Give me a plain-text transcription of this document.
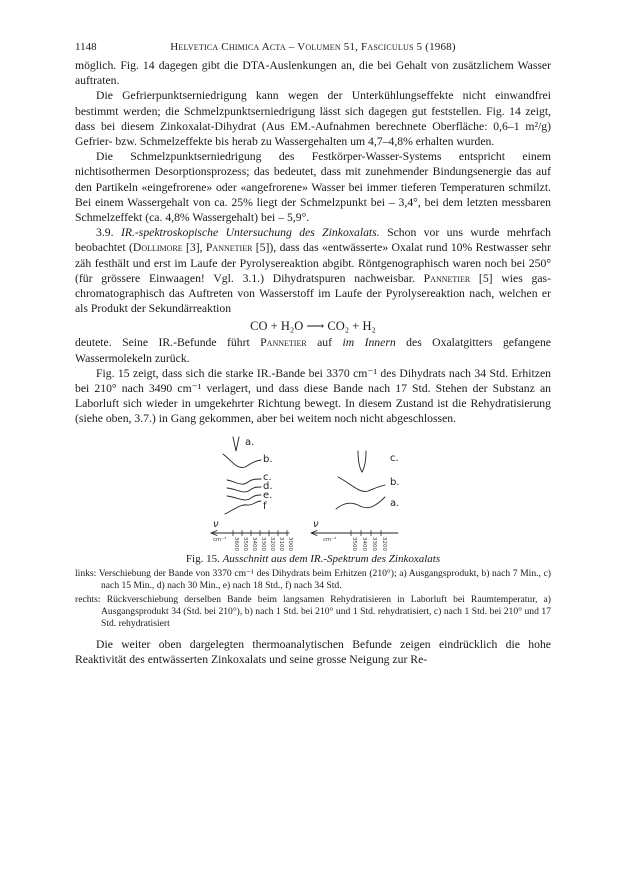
1148	Helvetica Chimica Acta – Volumen 51, Fasciculus 5 (1968)

möglich. Fig. 14 dagegen gibt die DTA-Auslenkungen an, die bei Gehalt von zusätzlichem Wasser auftraten.

Die Gefrierpunktserniedrigung kann wegen der Unterkühlungseffekte nicht einwandfrei bestimmt werden; die Schmelzpunktserniedrigung lässt sich dagegen gut feststellen. Fig. 14 zeigt, dass bei diesem Zinkoxalat-Dihydrat (Aus EM.-Aufnahmen berechnete Oberfläche: 0,6–1 m²/g) Gefrier- bzw. Schmelzeffekte bis herab zu Wassergehalten um 4,7–4,8% erhalten wurden.

Die Schmelzpunktserniedrigung des Festkörper-Wasser-Systems entspricht einem nichtisothermen Desorptionsprozess; das bedeutet, dass mit zunehmender Bindungsenergie das auf den Partikeln «eingefrorene» oder «angefrorene» Wasser bei immer tieferen Temperaturen schmilzt. Bei einem Wassergehalt von ca. 25% liegt der Schmelzpunkt bei – 3,4°, bei dem letzten messbaren Schmelzeffekt (ca. 4,8% Wassergehalt) bei – 5,9°.

3.9. IR.-spektroskopische Untersuchung des Zinkoxalats. Schon vor uns wurde mehrfach beobachtet (Dollimore [3], Pannetier [5]), dass das «entwässerte» Oxalat rund 10% Restwasser sehr zäh festhält und erst im Laufe der Pyrolysereaktion abgibt. Röntgenographisch waren noch bei 250° (für grössere Einwaagen! Vgl. 3.1.) Dihydratspuren nachweisbar. Pannetier [5] wies gas-chromatographisch das Auftreten von Wasserstoff im Laufe der Pyrolysereaktion nach, welchen er als Produkt der Sekundärreaktion

CO + H₂O ⟶ CO₂ + H₂

deutete. Seine IR.-Befunde führt Pannetier auf im Innern des Oxalatgitters gefangene Wassermolekeln zurück.

Fig. 15 zeigt, dass sich die starke IR.-Bande bei 3370 cm⁻¹ des Dihydrats nach 34 Std. Erhitzen bei 210° nach 3490 cm⁻¹ verlagert, und dass diese Bande nach 17 Std. Stehen der Substanz an Laborluft sich wieder in umgekehrter Richtung bewegt. In diesem Zustand ist die Rehydratisierung (siehe oben, 3.7.) in Gang gekommen, aber bei weitem noch nicht abgeschlossen.

a.
b.
c.
d.
e.
f
c.
b.
a.
ν	ν
cm⁻¹	cm⁻¹
3600 3500 3400 3300 3200 3100 3000	3500 3400 3300 3200
Fig. 15. Ausschnitt aus dem IR.-Spektrum des Zinkoxalats

links: Verschiebung der Bande von 3370 cm⁻¹ des Dihydrats beim Erhitzen (210°); a) Ausgangsprodukt, b) nach 7 Min., c) nach 15 Min., d) nach 30 Min., e) nach 18 Std., f) nach 34 Std.

rechts: Rückverschiebung derselben Bande beim langsamen Rehydratisieren in Laborluft bei Raumtemperatur, a) Ausgangsprodukt 34 (Std. bei 210°), b) nach 1 Std. bei 210° und 1 Std. rehydratisiert, c) nach 1 Std. bei 210° und 17 Std. rehydratisiert

Die weiter oben dargelegten thermoanalytischen Befunde zeigen eindrücklich die hohe Reaktivität des entwässerten Zinkoxalats und seine grosse Neigung zur Re-
